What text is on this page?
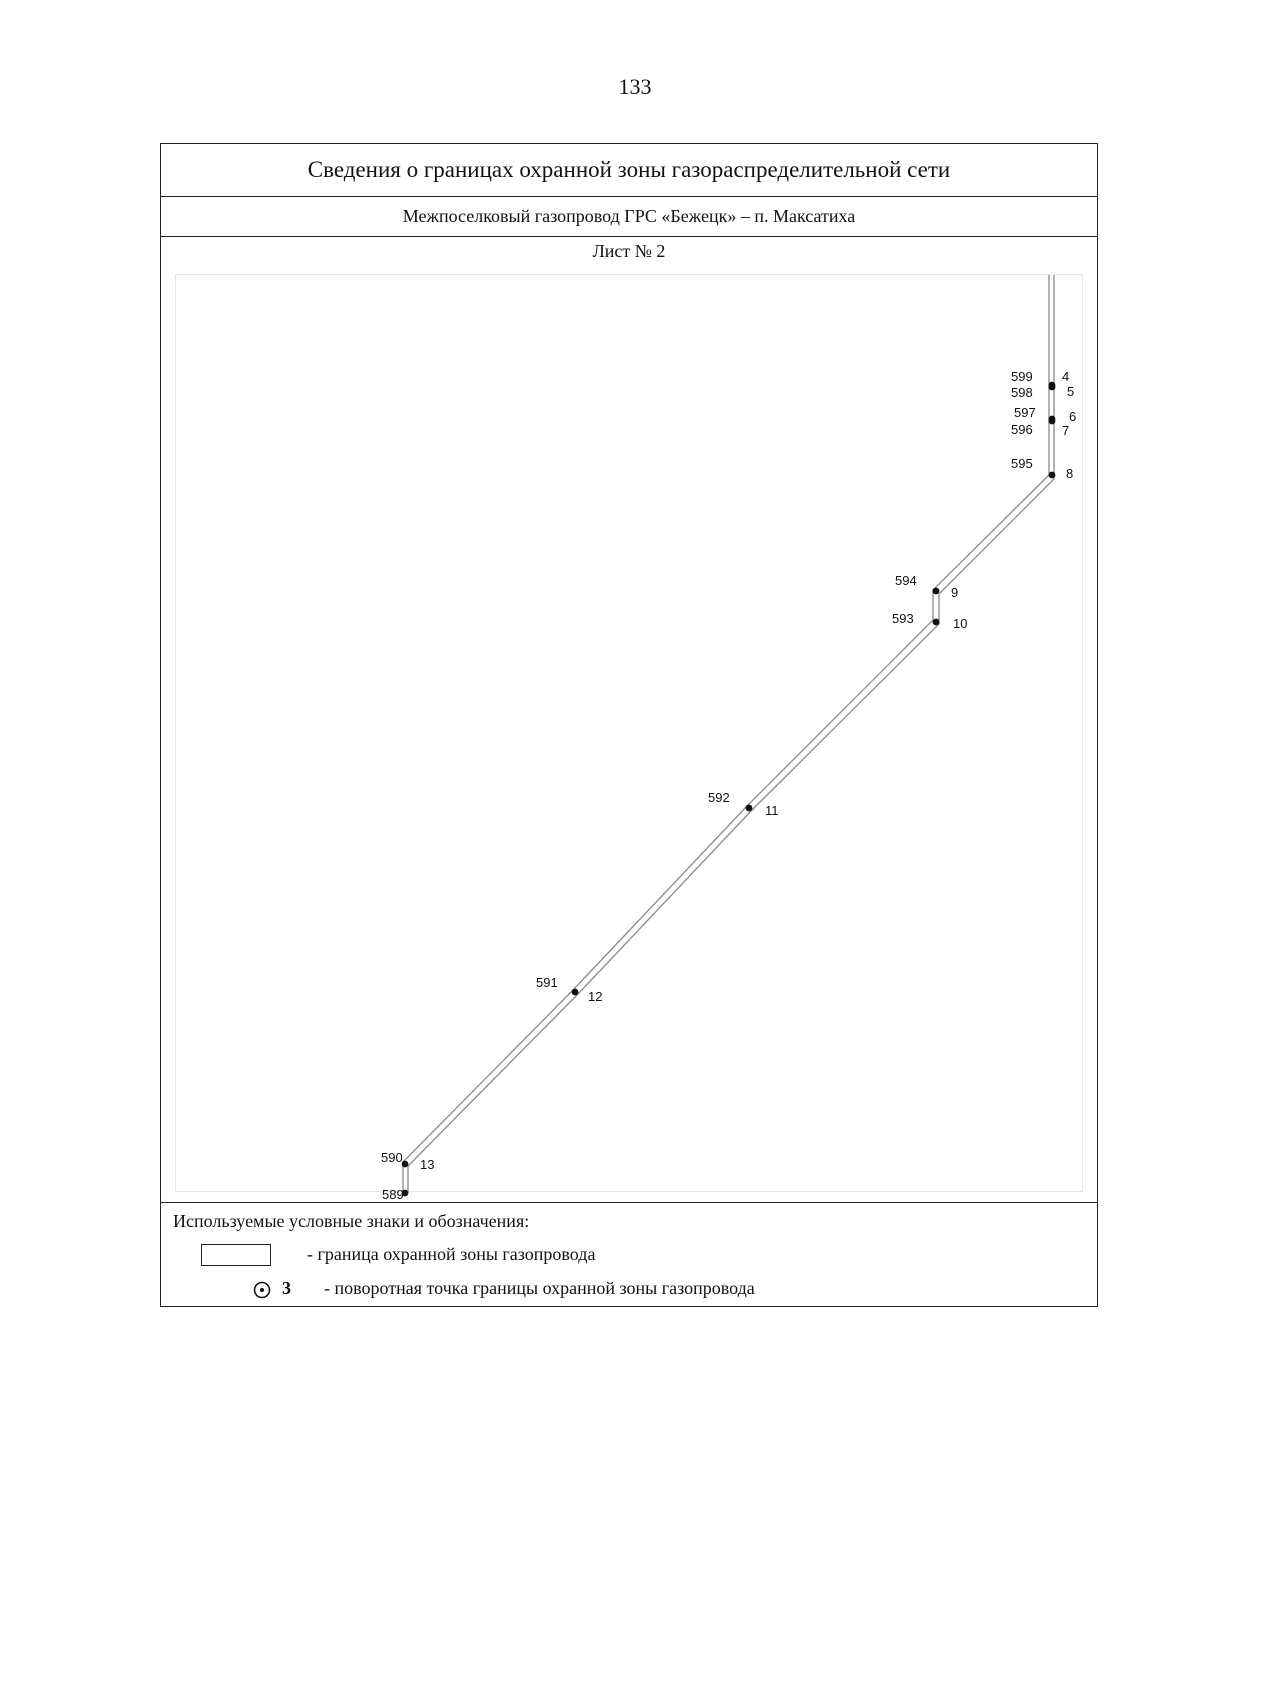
133
Сведения о границах охранной зоны газораспределительной сети
Межпоселковый газопровод ГРС «Бежецк» – п. Максатиха
Лист № 2
599 4
598	5
597	6
596 7
595
8
594
9
593	10
592
11
591
12
590 13
589
Используемые условные знаки и обозначения:
- граница охранной зоны газопровода
3 - поворотная точка границы охранной зоны газопровода
